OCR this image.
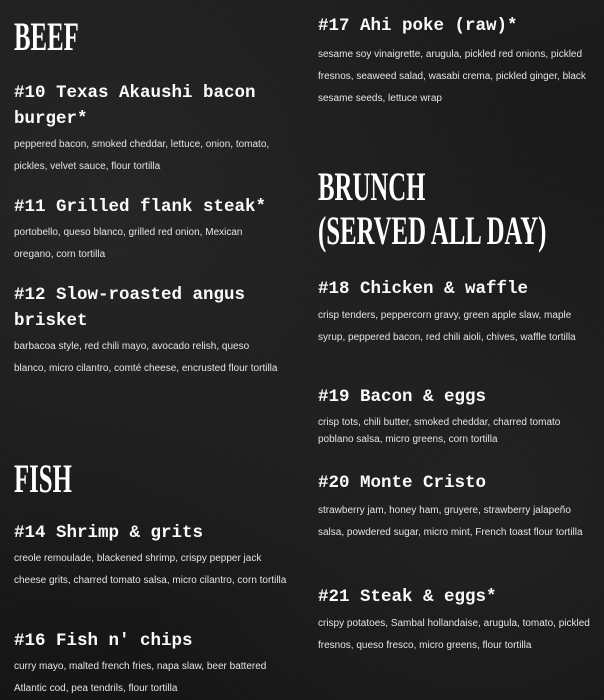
BEEF
#10 Texas Akaushi bacon burger*

peppered bacon, smoked cheddar, lettuce, onion, tomato, pickles, velvet sauce, flour tortilla

#11 Grilled flank steak*

portobello, queso blanco, grilled red onion, Mexican oregano, corn tortilla

#12 Slow-roasted angus brisket

barbacoa style, red chili mayo, avocado relish, queso blanco, micro cilantro, comté cheese, encrusted flour tortilla

FISH
#14 Shrimp & grits

creole remoulade, blackened shrimp, crispy pepper jack cheese grits, charred tomato salsa, micro cilantro, corn tortilla

#16 Fish n' chips

curry mayo, malted french fries, napa slaw, beer battered Atlantic cod, pea tendrils, flour tortilla

#17 Ahi poke (raw)*

sesame soy vinaigrette, arugula, pickled red onions, pickled fresnos, seaweed salad, wasabi crema, pickled ginger, black sesame seeds, lettuce wrap

BRUNCH
(SERVED ALL DAY)
#18 Chicken & waffle

crisp tenders, peppercorn gravy, green apple slaw, maple syrup, peppered bacon, red chili aioli, chives, waffle tortilla

#19 Bacon & eggs

crisp tots, chili butter, smoked cheddar, charred tomato poblano salsa, micro greens, corn tortilla

#20 Monte Cristo

strawberry jam, honey ham, gruyere, strawberry jalapeño salsa, powdered sugar, micro mint, French toast flour tortilla

#21 Steak & eggs*

crispy potatoes, Sambal hollandaise, arugula, tomato, pickled fresnos, queso fresco, micro greens, flour tortilla
